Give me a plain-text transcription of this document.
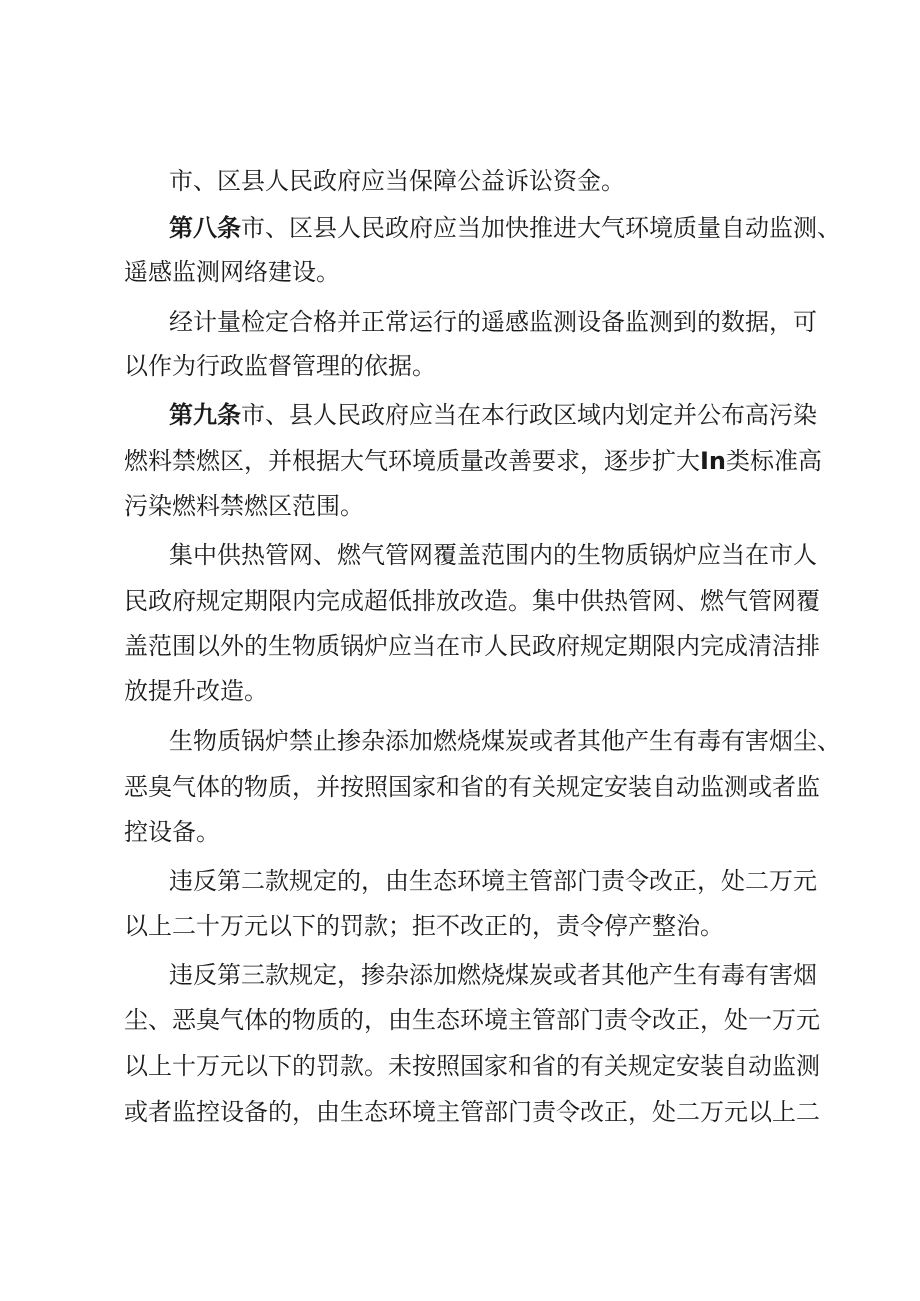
市、区县人民政府应当保障公益诉讼资金。
第八条市、区县人民政府应当加快推进大气环境质量自动监测、
遥感监测网络建设。
经计量检定合格并正常运行的遥感监测设备监测到的数据，可
以作为行政监督管理的依据。
第九条市、县人民政府应当在本行政区域内划定并公布高污染
燃料禁燃区，并根据大气环境质量改善要求，逐步扩大In类标准高
污染燃料禁燃区范围。
集中供热管网、燃气管网覆盖范围内的生物质锅炉应当在市人
民政府规定期限内完成超低排放改造。集中供热管网、燃气管网覆
盖范围以外的生物质锅炉应当在市人民政府规定期限内完成清洁排
放提升改造。
生物质锅炉禁止掺杂添加燃烧煤炭或者其他产生有毒有害烟尘、
恶臭气体的物质，并按照国家和省的有关规定安装自动监测或者监
控设备。
违反第二款规定的，由生态环境主管部门责令改正，处二万元
以上二十万元以下的罚款；拒不改正的，责令停产整治。
违反第三款规定，掺杂添加燃烧煤炭或者其他产生有毒有害烟
尘、恶臭气体的物质的，由生态环境主管部门责令改正，处一万元
以上十万元以下的罚款。未按照国家和省的有关规定安装自动监测
或者监控设备的，由生态环境主管部门责令改正，处二万元以上二
